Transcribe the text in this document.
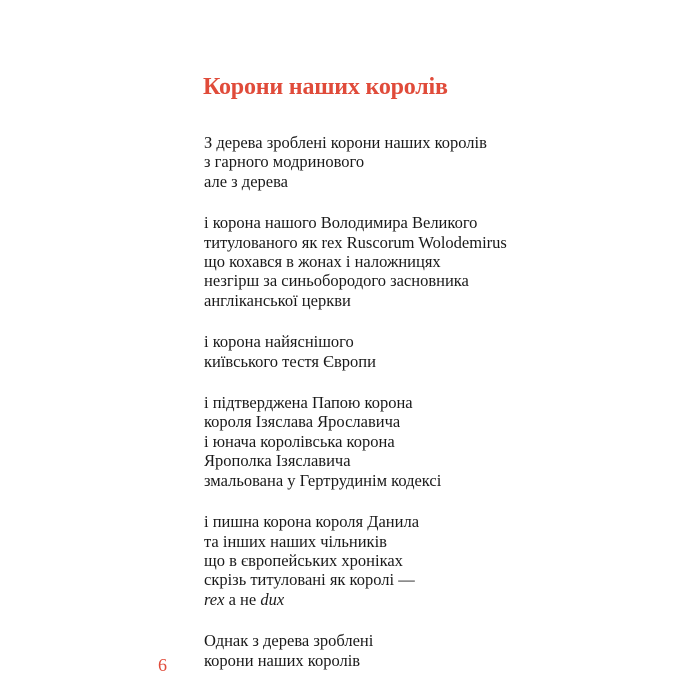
Корони наших королів

З дерева зроблені корони наших королів
з гарного модринового
але з дерева

і корона нашого Володимира Великого
титулованого як rex Ruscorum Wolodemirus
що кохався в жонах і наложницях
незгірш за синьобородого засновника
англіканської церкви

і корона найяснішого
київського тестя Європи

і підтверджена Папою корона
короля Ізяслава Ярославича
і юнача королівська корона
Ярополка Ізяславича
змальована у Гертрудинім кодексі

і пишна корона короля Данила
та інших наших чільників
що в європейських хроніках
скрізь титуловані як королі —
rex а не dux

Однак з дерева зроблені
корони наших королів

6
